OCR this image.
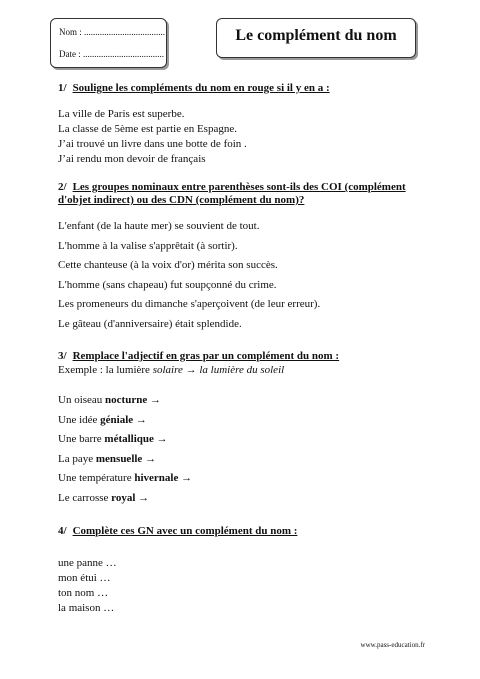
Nom : ....................................
Date : ....................................
Le complément du nom
1/ Souligne les compléments du nom en rouge si il y en a :
La ville de Paris est superbe.
La classe de 5ème est partie en Espagne.
J’ai trouvé un livre dans une botte de foin .
J’ai rendu mon devoir de français
2/ Les groupes nominaux entre parenthèses sont-ils des COI (complément
d'objet indirect) ou des CDN (complément du nom)?
L'enfant (de la haute mer) se souvient de tout.
L'homme à la valise s'apprêtait (à sortir).
Cette chanteuse (à la voix d'or) mérita son succès.
L'homme (sans chapeau) fut soupçonné du crime.
Les promeneurs du dimanche s'aperçoivent (de leur erreur).
Le gâteau (d'anniversaire) était splendide.
3/ Remplace l'adjectif en gras par un complément du nom :
Exemple : la lumière solaire → la lumière du soleil
Un oiseau nocturne →
Une idée géniale →
Une barre métallique →
La paye mensuelle →
Une température hivernale →
Le carrosse royal →
4/ Complète ces GN avec un complément du nom :
une panne …
mon étui …
ton nom …
la maison …
www.pass-education.fr
